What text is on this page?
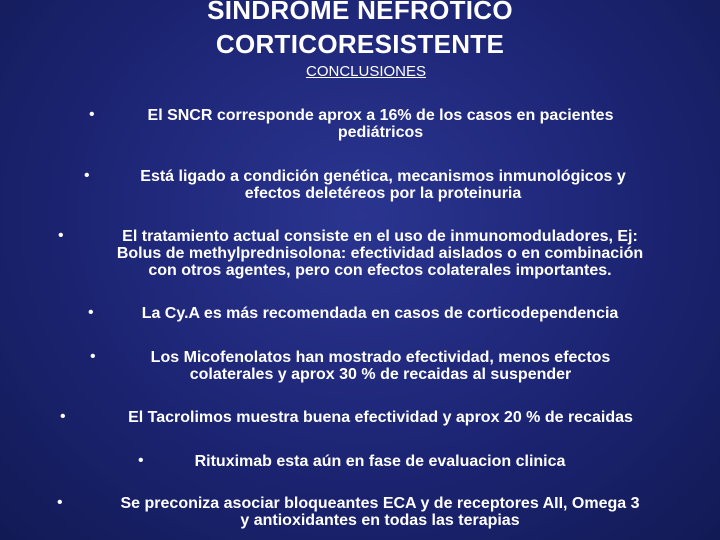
SINDROME NEFROTICO
CORTICORESISTENTE
CONCLUSIONES
•	El SNCR corresponde aprox a 16% de los casos en pacientes
pediátricos
•	Está ligado a condición genética, mecanismos inmunológicos y
efectos deletéreos por la proteinuria
•	El tratamiento actual consiste en el uso de inmunomoduladores, Ej:
Bolus de methylprednisolona: efectividad aislados o en combinación
con otros agentes, pero con efectos colaterales importantes.
•	La Cy.A es más recomendada en casos de corticodependencia
•	Los Micofenolatos han mostrado efectividad, menos efectos
colaterales y aprox 30 % de recaidas al suspender
•	El Tacrolimos muestra buena efectividad y aprox 20 % de recaidas
•	Rituximab esta aún en fase de evaluacion clinica
•	Se preconiza asociar bloqueantes ECA y de receptores AII, Omega 3
y antioxidantes en todas las terapias
